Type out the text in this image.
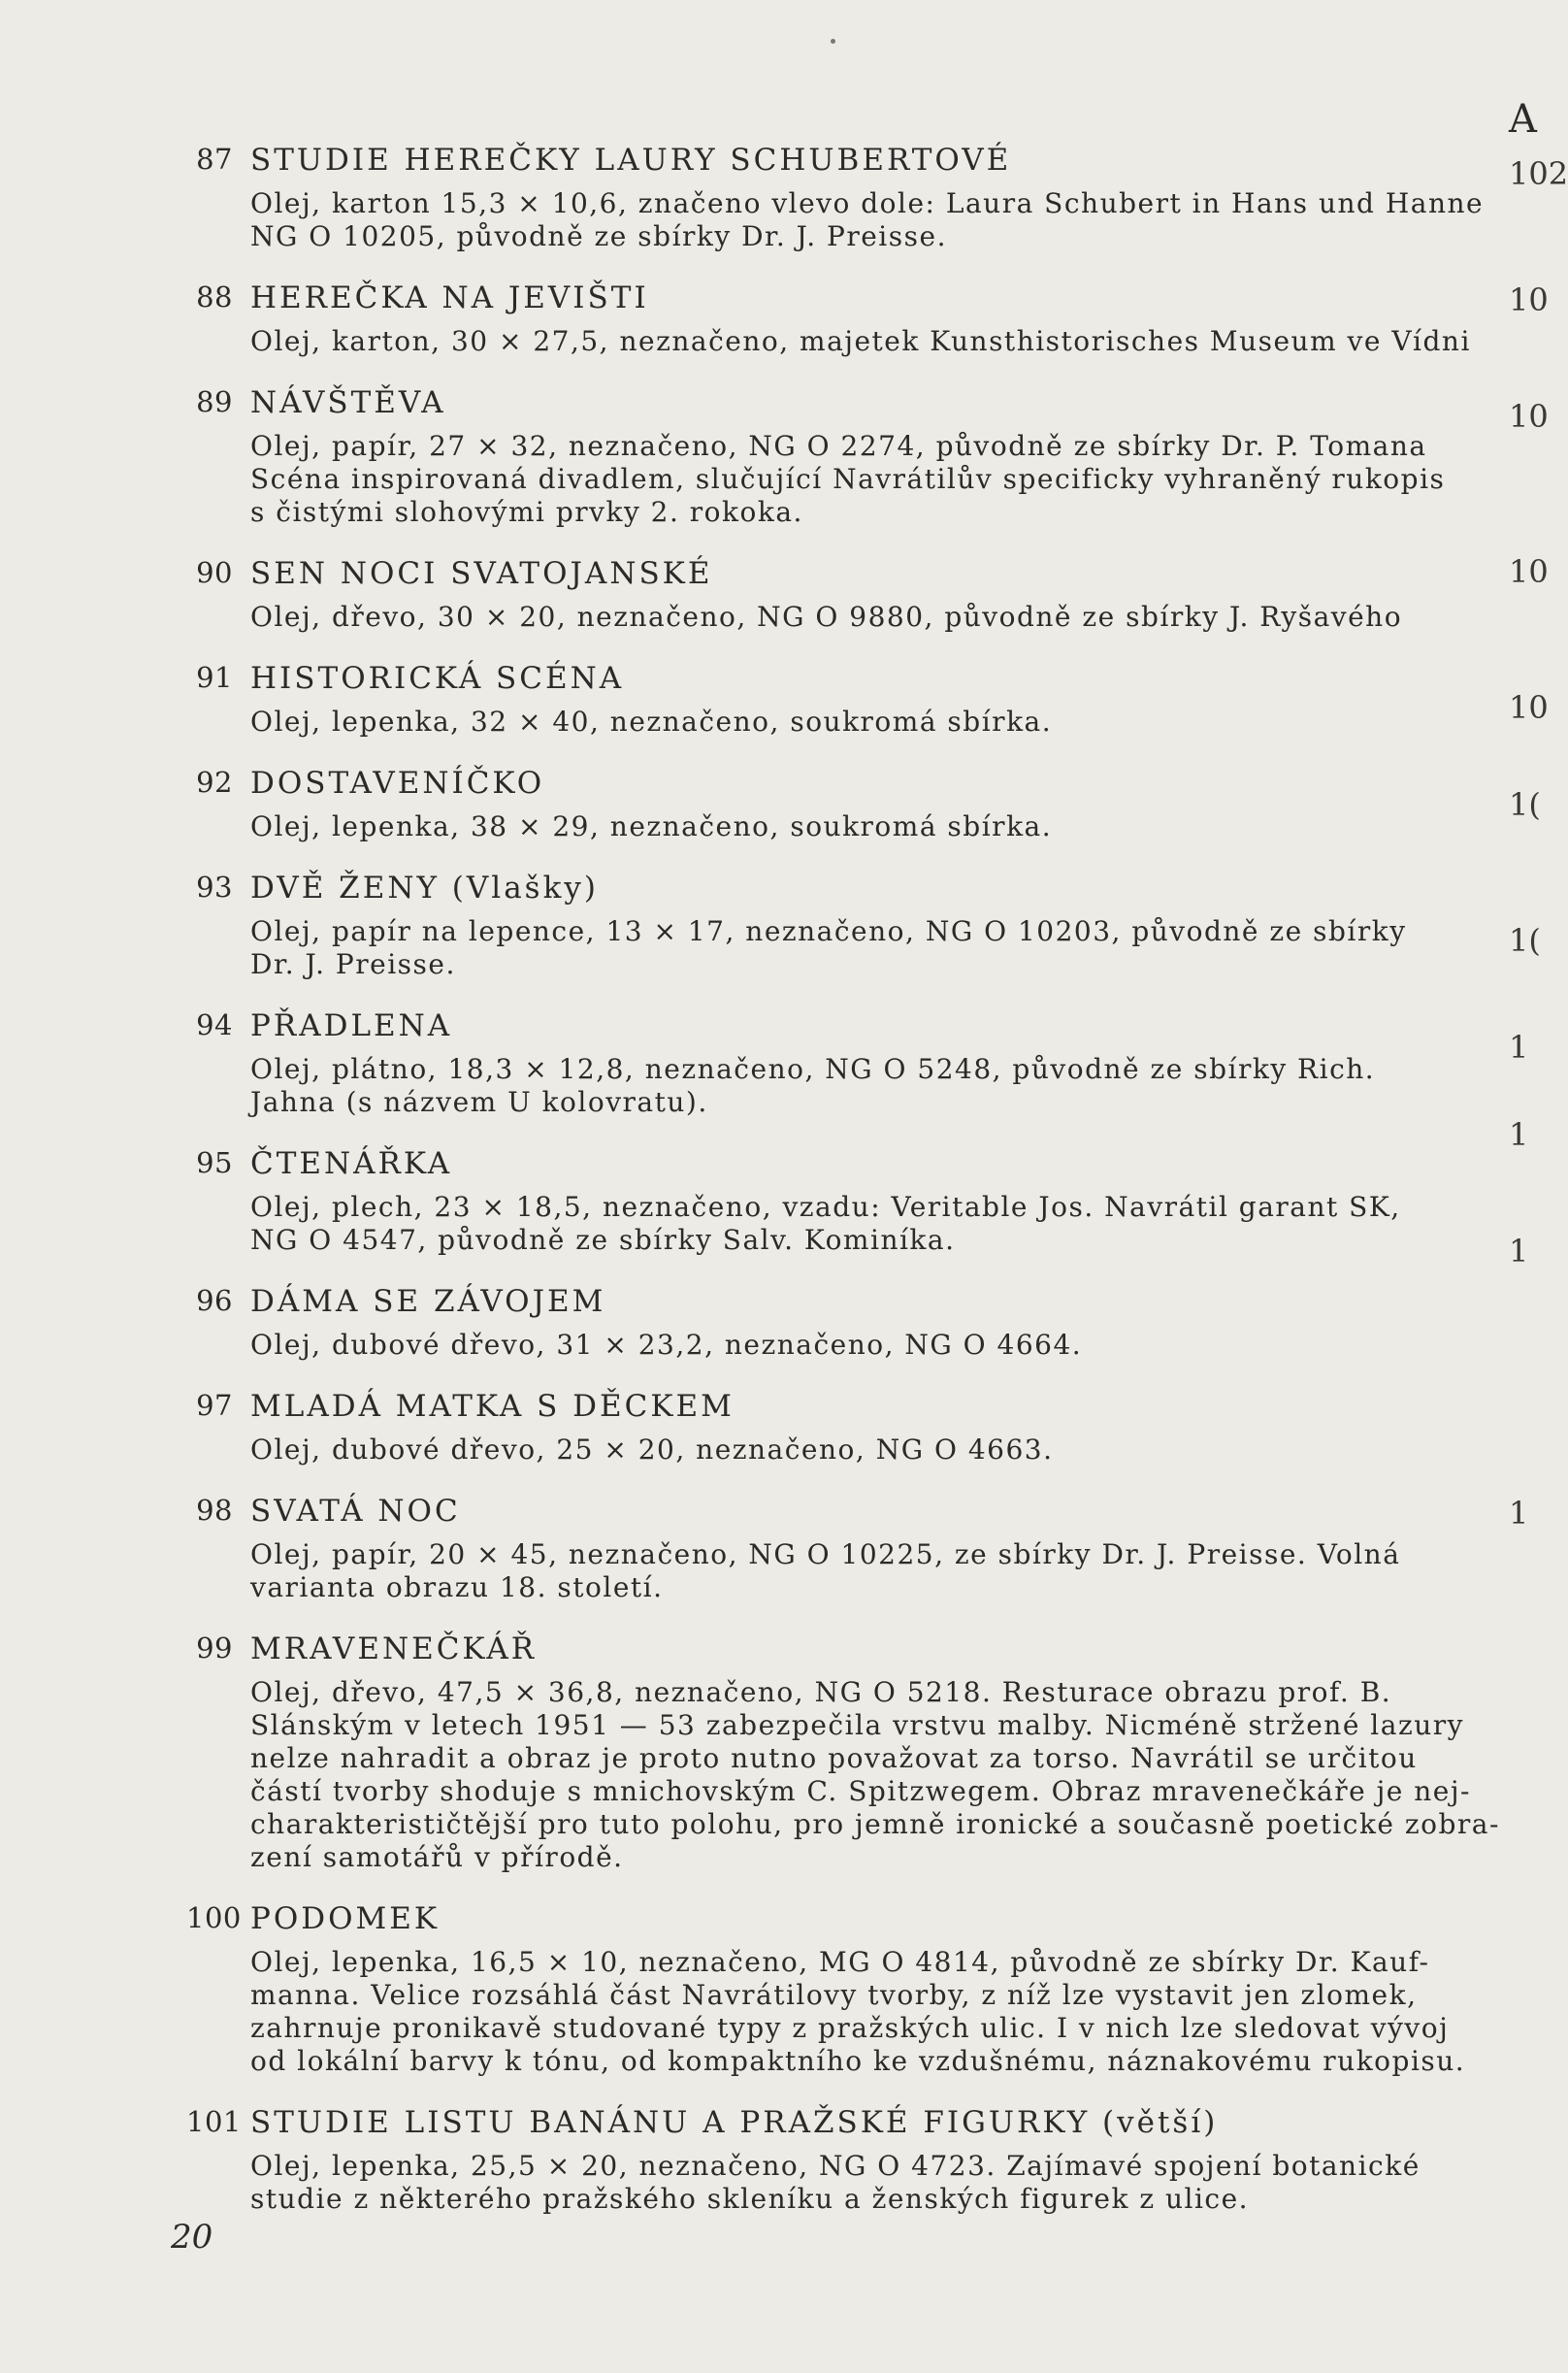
A
87 STUDIE HEREČKY LAURY SCHUBERTOVÉ
Olej, karton 15,3 × 10,6, značeno vlevo dole: Laura Schubert in Hans und Hanne
NG O 10205, původně ze sbírky Dr. J. Preisse.
88 HEREČKA NA JEVIŠTI
Olej, karton, 30 × 27,5, neznačeno, majetek Kunsthistorisches Museum ve Vídni
89 NÁVŠTĚVA
Olej, papír, 27 × 32, neznačeno, NG O 2274, původně ze sbírky Dr. P. Tomana
Scéna inspirovaná divadlem, slučující Navrátilův specificky vyhraněný rukopis
s čistými slohovými prvky 2. rokoka.
90 SEN NOCI SVATOJANSKÉ
Olej, dřevo, 30 × 20, neznačeno, NG O 9880, původně ze sbírky J. Ryšavého
91 HISTORICKÁ SCÉNA
Olej, lepenka, 32 × 40, neznačeno, soukromá sbírka.
92 DOSTAVENÍČKO
Olej, lepenka, 38 × 29, neznačeno, soukromá sbírka.
93 DVĚ ŽENY (Vlašky)
Olej, papír na lepence, 13 × 17, neznačeno, NG O 10203, původně ze sbírky
Dr. J. Preisse.
94 PŘADLENA
Olej, plátno, 18,3 × 12,8, neznačeno, NG O 5248, původně ze sbírky Rich.
Jahna (s názvem U kolovratu).
95 ČTENÁŘKA
Olej, plech, 23 × 18,5, neznačeno, vzadu: Veritable Jos. Navrátil garant SK,
NG O 4547, původně ze sbírky Salv. Kominíka.
96 DÁMA SE ZÁVOJEM
Olej, dubové dřevo, 31 × 23,2, neznačeno, NG O 4664.
97 MLADÁ MATKA S DĚCKEM
Olej, dubové dřevo, 25 × 20, neznačeno, NG O 4663.
98 SVATÁ NOC
Olej, papír, 20 × 45, neznačeno, NG O 10225, ze sbírky Dr. J. Preisse. Volná
varianta obrazu 18. století.
99 MRAVENEČKÁŘ
Olej, dřevo, 47,5 × 36,8, neznačeno, NG O 5218. Resturace obrazu prof. B.
Slánským v letech 1951 — 53 zabezpečila vrstvu malby. Nicméně stržené lazury
nelze nahradit a obraz je proto nutno považovat za torso. Navrátil se určitou
částí tvorby shoduje s mnichovským C. Spitzwegem. Obraz mravenečkáře je nej-
charakterističtější pro tuto polohu, pro jemně ironické a současně poetické zobra-
zení samotářů v přírodě.
100 PODOMEK
Olej, lepenka, 16,5 × 10, neznačeno, MG O 4814, původně ze sbírky Dr. Kauf-
manna. Velice rozsáhlá část Navrátilovy tvorby, z níž lze vystavit jen zlomek,
zahrnuje pronikavě studované typy z pražských ulic. I v nich lze sledovat vývoj
od lokální barvy k tónu, od kompaktního ke vzdušnému, náznakovému rukopisu.
101 STUDIE LISTU BANÁNU A PRAŽSKÉ FIGURKY (větší)
Olej, lepenka, 25,5 × 20, neznačeno, NG O 4723. Zajímavé spojení botanické
studie z některého pražského skleníku a ženských figurek z ulice.
20
102
10
10
10
10
1(
1(
1
1
1
1
